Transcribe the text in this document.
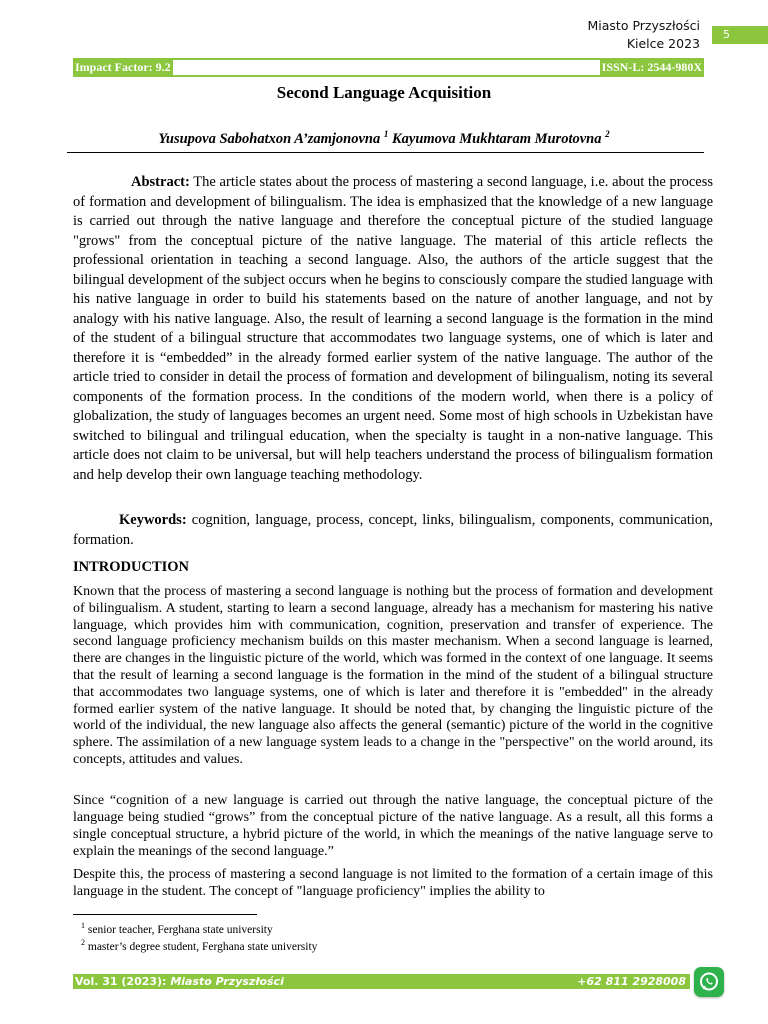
Miasto Przyszłości
Kielce 2023
5
Impact Factor: 9.2	ISSN-L: 2544-980X
Second Language Acquisition
Yusupova Sabohatxon A’zamjonovna $^1$ Kayumova Mukhtaram Murotovna $^2$
Abstract: The article states about the process of mastering a second language, i.e. about the process of formation and development of bilingualism. The idea is emphasized that the knowledge of a new language is carried out through the native language and therefore the conceptual picture of the studied language "grows" from the conceptual picture of the native language. The material of this article reflects the professional orientation in teaching a second language. Also, the authors of the article suggest that the bilingual development of the subject occurs when he begins to consciously compare the studied language with his native language in order to build his statements based on the nature of another language, and not by analogy with his native language. Also, the result of learning a second language is the formation in the mind of the student of a bilingual structure that accommodates two language systems, one of which is later and therefore it is “embedded” in the already formed earlier system of the native language. The author of the article tried to consider in detail the process of formation and development of bilingualism, noting its several components of the formation process. In the conditions of the modern world, when there is a policy of globalization, the study of languages becomes an urgent need. Some most of high schools in Uzbekistan have switched to bilingual and trilingual education, when the specialty is taught in a non-native language. This article does not claim to be universal, but will help teachers understand the process of bilingualism formation and help develop their own language teaching methodology.
Keywords: cognition, language, process, concept, links, bilingualism, components, communication, formation.
INTRODUCTION
Known that the process of mastering a second language is nothing but the process of formation and development of bilingualism. A student, starting to learn a second language, already has a mechanism for mastering his native language, which provides him with communication, cognition, preservation and transfer of experience. The second language proficiency mechanism builds on this master mechanism. When a second language is learned, there are changes in the linguistic picture of the world, which was formed in the context of one language. It seems that the result of learning a second language is the formation in the mind of the student of a bilingual structure that accommodates two language systems, one of which is later and therefore it is "embedded" in the already formed earlier system of the native language. It should be noted that, by changing the linguistic picture of the world of the individual, the new language also affects the general (semantic) picture of the world in the cognitive sphere. The assimilation of a new language system leads to a change in the "perspective" on the world around, its concepts, attitudes and values.
Since “cognition of a new language is carried out through the native language, the conceptual picture of the language being studied “grows” from the conceptual picture of the native language. As a result, all this forms a single conceptual structure, a hybrid picture of the world, in which the meanings of the native language serve to explain the meanings of the second language.”
Despite this, the process of mastering a second language is not limited to the formation of a certain image of this language in the student. The concept of "language proficiency" implies the ability to
$^1$ senior teacher, Ferghana state university
$^2$ master’s degree student, Ferghana state university
Vol. 31 (2023): Miasto Przyszłości	+62 811 2928008
